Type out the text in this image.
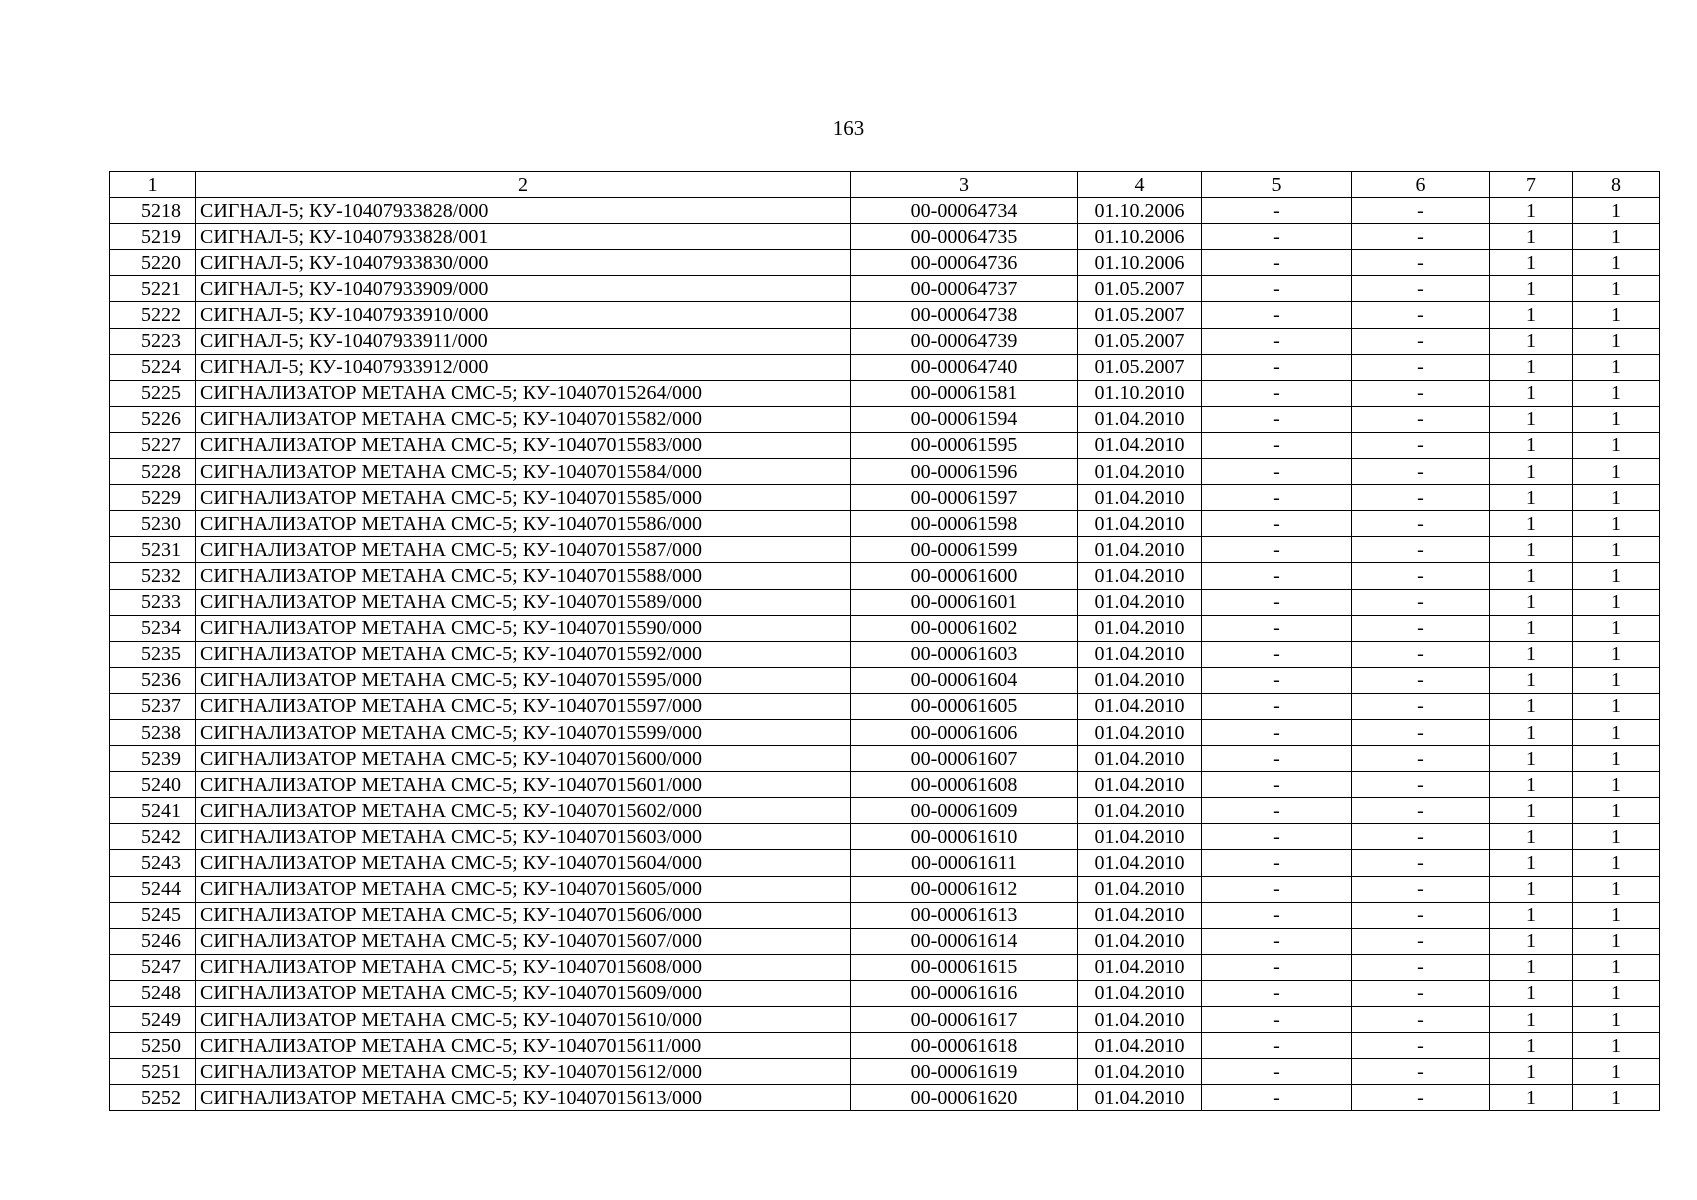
163
1	2	3	4	5	6	7	8
5218	СИГНАЛ-5; КУ-10407933828/000	00-00064734	01.10.2006	-	-	1	1
5219	СИГНАЛ-5; КУ-10407933828/001	00-00064735	01.10.2006	-	-	1	1
5220	СИГНАЛ-5; КУ-10407933830/000	00-00064736	01.10.2006	-	-	1	1
5221	СИГНАЛ-5; КУ-10407933909/000	00-00064737	01.05.2007	-	-	1	1
5222	СИГНАЛ-5; КУ-10407933910/000	00-00064738	01.05.2007	-	-	1	1
5223	СИГНАЛ-5; КУ-10407933911/000	00-00064739	01.05.2007	-	-	1	1
5224	СИГНАЛ-5; КУ-10407933912/000	00-00064740	01.05.2007	-	-	1	1
5225	СИГНАЛИЗАТОР МЕТАНА СМС-5; КУ-10407015264/000	00-00061581	01.10.2010	-	-	1	1
5226	СИГНАЛИЗАТОР МЕТАНА СМС-5; КУ-10407015582/000	00-00061594	01.04.2010	-	-	1	1
5227	СИГНАЛИЗАТОР МЕТАНА СМС-5; КУ-10407015583/000	00-00061595	01.04.2010	-	-	1	1
5228	СИГНАЛИЗАТОР МЕТАНА СМС-5; КУ-10407015584/000	00-00061596	01.04.2010	-	-	1	1
5229	СИГНАЛИЗАТОР МЕТАНА СМС-5; КУ-10407015585/000	00-00061597	01.04.2010	-	-	1	1
5230	СИГНАЛИЗАТОР МЕТАНА СМС-5; КУ-10407015586/000	00-00061598	01.04.2010	-	-	1	1
5231	СИГНАЛИЗАТОР МЕТАНА СМС-5; КУ-10407015587/000	00-00061599	01.04.2010	-	-	1	1
5232	СИГНАЛИЗАТОР МЕТАНА СМС-5; КУ-10407015588/000	00-00061600	01.04.2010	-	-	1	1
5233	СИГНАЛИЗАТОР МЕТАНА СМС-5; КУ-10407015589/000	00-00061601	01.04.2010	-	-	1	1
5234	СИГНАЛИЗАТОР МЕТАНА СМС-5; КУ-10407015590/000	00-00061602	01.04.2010	-	-	1	1
5235	СИГНАЛИЗАТОР МЕТАНА СМС-5; КУ-10407015592/000	00-00061603	01.04.2010	-	-	1	1
5236	СИГНАЛИЗАТОР МЕТАНА СМС-5; КУ-10407015595/000	00-00061604	01.04.2010	-	-	1	1
5237	СИГНАЛИЗАТОР МЕТАНА СМС-5; КУ-10407015597/000	00-00061605	01.04.2010	-	-	1	1
5238	СИГНАЛИЗАТОР МЕТАНА СМС-5; КУ-10407015599/000	00-00061606	01.04.2010	-	-	1	1
5239	СИГНАЛИЗАТОР МЕТАНА СМС-5; КУ-10407015600/000	00-00061607	01.04.2010	-	-	1	1
5240	СИГНАЛИЗАТОР МЕТАНА СМС-5; КУ-10407015601/000	00-00061608	01.04.2010	-	-	1	1
5241	СИГНАЛИЗАТОР МЕТАНА СМС-5; КУ-10407015602/000	00-00061609	01.04.2010	-	-	1	1
5242	СИГНАЛИЗАТОР МЕТАНА СМС-5; КУ-10407015603/000	00-00061610	01.04.2010	-	-	1	1
5243	СИГНАЛИЗАТОР МЕТАНА СМС-5; КУ-10407015604/000	00-00061611	01.04.2010	-	-	1	1
5244	СИГНАЛИЗАТОР МЕТАНА СМС-5; КУ-10407015605/000	00-00061612	01.04.2010	-	-	1	1
5245	СИГНАЛИЗАТОР МЕТАНА СМС-5; КУ-10407015606/000	00-00061613	01.04.2010	-	-	1	1
5246	СИГНАЛИЗАТОР МЕТАНА СМС-5; КУ-10407015607/000	00-00061614	01.04.2010	-	-	1	1
5247	СИГНАЛИЗАТОР МЕТАНА СМС-5; КУ-10407015608/000	00-00061615	01.04.2010	-	-	1	1
5248	СИГНАЛИЗАТОР МЕТАНА СМС-5; КУ-10407015609/000	00-00061616	01.04.2010	-	-	1	1
5249	СИГНАЛИЗАТОР МЕТАНА СМС-5; КУ-10407015610/000	00-00061617	01.04.2010	-	-	1	1
5250	СИГНАЛИЗАТОР МЕТАНА СМС-5; КУ-10407015611/000	00-00061618	01.04.2010	-	-	1	1
5251	СИГНАЛИЗАТОР МЕТАНА СМС-5; КУ-10407015612/000	00-00061619	01.04.2010	-	-	1	1
5252	СИГНАЛИЗАТОР МЕТАНА СМС-5; КУ-10407015613/000	00-00061620	01.04.2010	-	-	1	1
